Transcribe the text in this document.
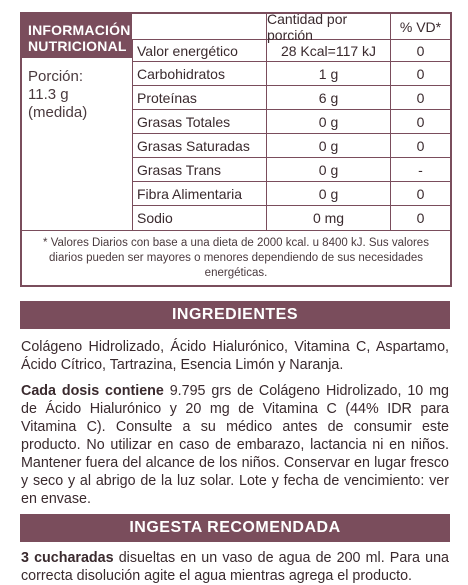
INFORMACIÓN
NUTRICIONAL
Cantidad por porción	% VD*
Valor energético	28 Kcal=117 kJ	0
Porción:
11.3 g
(medida)
Carbohidratos	1 g	0
Proteínas	6 g	0
Grasas Totales	0 g	0
Grasas Saturadas	0 g	0
Grasas Trans	0 g	-
Fibra Alimentaria	0 g	0
Sodio	0 mg	0
* Valores Diarios con base a una dieta de 2000 kcal. u 8400 kJ. Sus valores diarios pueden ser mayores o menores dependiendo de sus necesidades energéticas.
INGREDIENTES
Colágeno Hidrolizado, Ácido Hialurónico, Vitamina C, Aspartamo, Ácido Cítrico, Tartrazina, Esencia Limón y Naranja.
Cada dosis contiene 9.795 grs de Colágeno Hidrolizado, 10 mg de Ácido Hialurónico y 20 mg de Vitamina C (44% IDR para Vitamina C). Consulte a su médico antes de consumir este producto. No utilizar en caso de embarazo, lactancia ni en niños. Mantener fuera del alcance de los niños. Conservar en lugar fresco y seco y al abrigo de la luz solar. Lote y fecha de vencimiento: ver en envase.
INGESTA RECOMENDADA
3 cucharadas disueltas en un vaso de agua de 200 ml. Para una correcta disolución agite el agua mientras agrega el producto.
